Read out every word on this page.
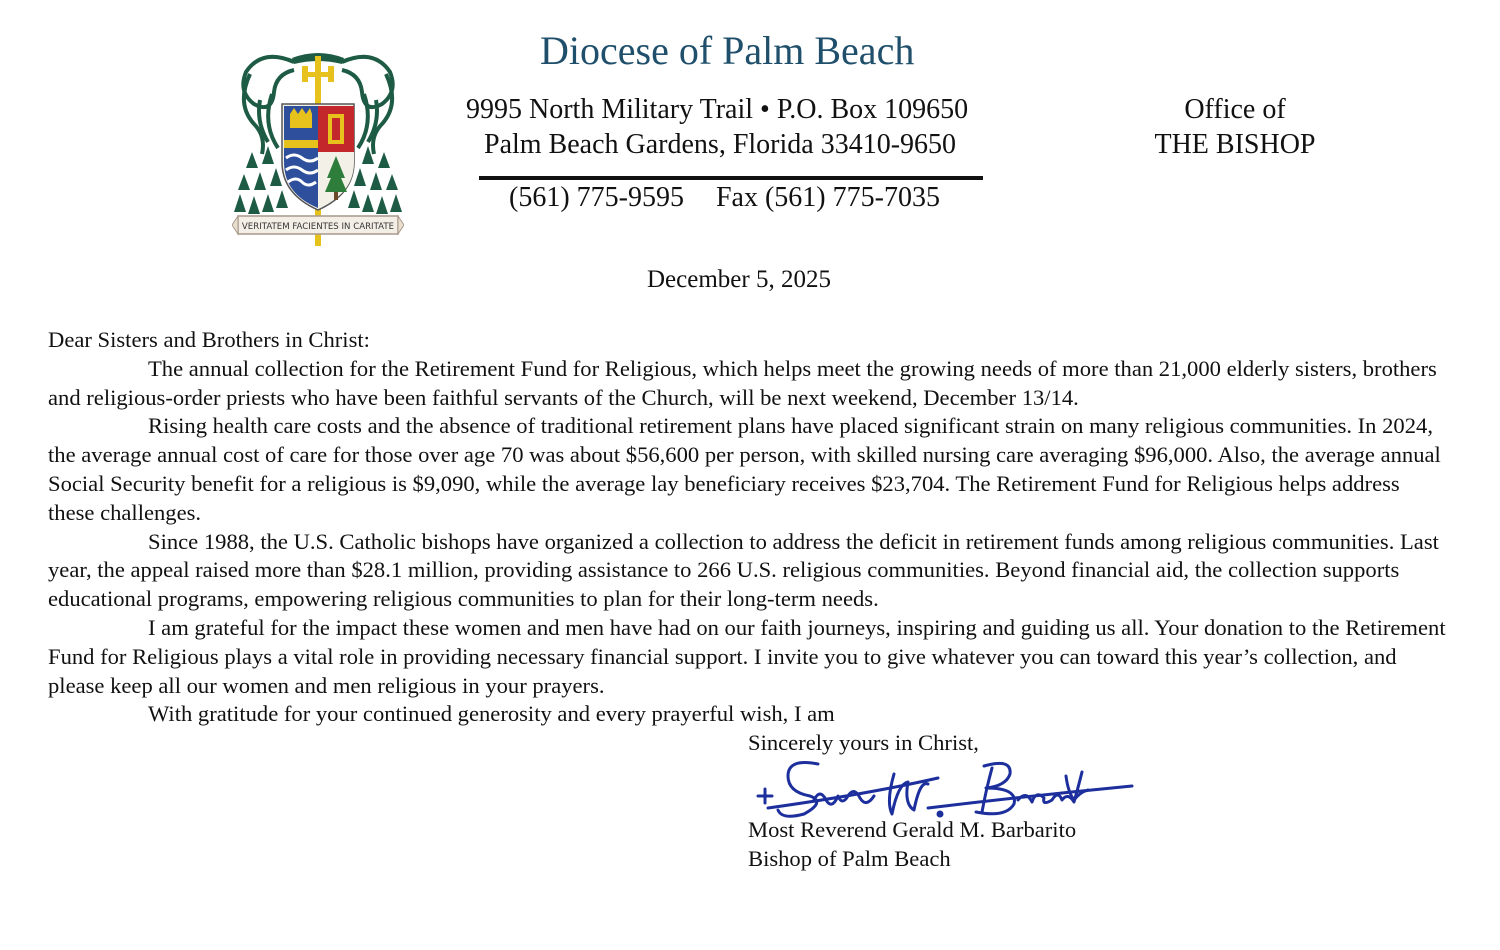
VERITATEM FACIENTES IN CARITATE
Diocese of Palm Beach
9995 North Military Trail • P.O. Box 109650
Palm Beach Gardens, Florida 33410-9650
(561) 775-9595 Fax (561) 775-7035
Office of
THE BISHOP
December 5, 2025

Dear Sisters and Brothers in Christ:

The annual collection for the Retirement Fund for Religious, which helps meet the growing needs of more than 21,000 elderly sisters, brothers and religious-order priests who have been faithful servants of the Church, will be next weekend, December 13/14.

Rising health care costs and the absence of traditional retirement plans have placed significant strain on many religious communities. In 2024, the average annual cost of care for those over age 70 was about $56,600 per person, with skilled nursing care averaging $96,000. Also, the average annual Social Security benefit for a religious is $9,090, while the average lay beneficiary receives $23,704. The Retirement Fund for Religious helps address these challenges.

Since 1988, the U.S. Catholic bishops have organized a collection to address the deficit in retirement funds among religious communities. Last year, the appeal raised more than $28.1 million, providing assistance to 266 U.S. religious communities. Beyond financial aid, the collection supports educational programs, empowering religious communities to plan for their long-term needs.

I am grateful for the impact these women and men have had on our faith journeys, inspiring and guiding us all. Your donation to the Retirement Fund for Religious plays a vital role in providing necessary financial support. I invite you to give whatever you can toward this year’s collection, and please keep all our women and men religious in your prayers.

With gratitude for your continued generosity and every prayerful wish, I am

Sincerely yours in Christ,
Most Reverend Gerald M. Barbarito
Bishop of Palm Beach
